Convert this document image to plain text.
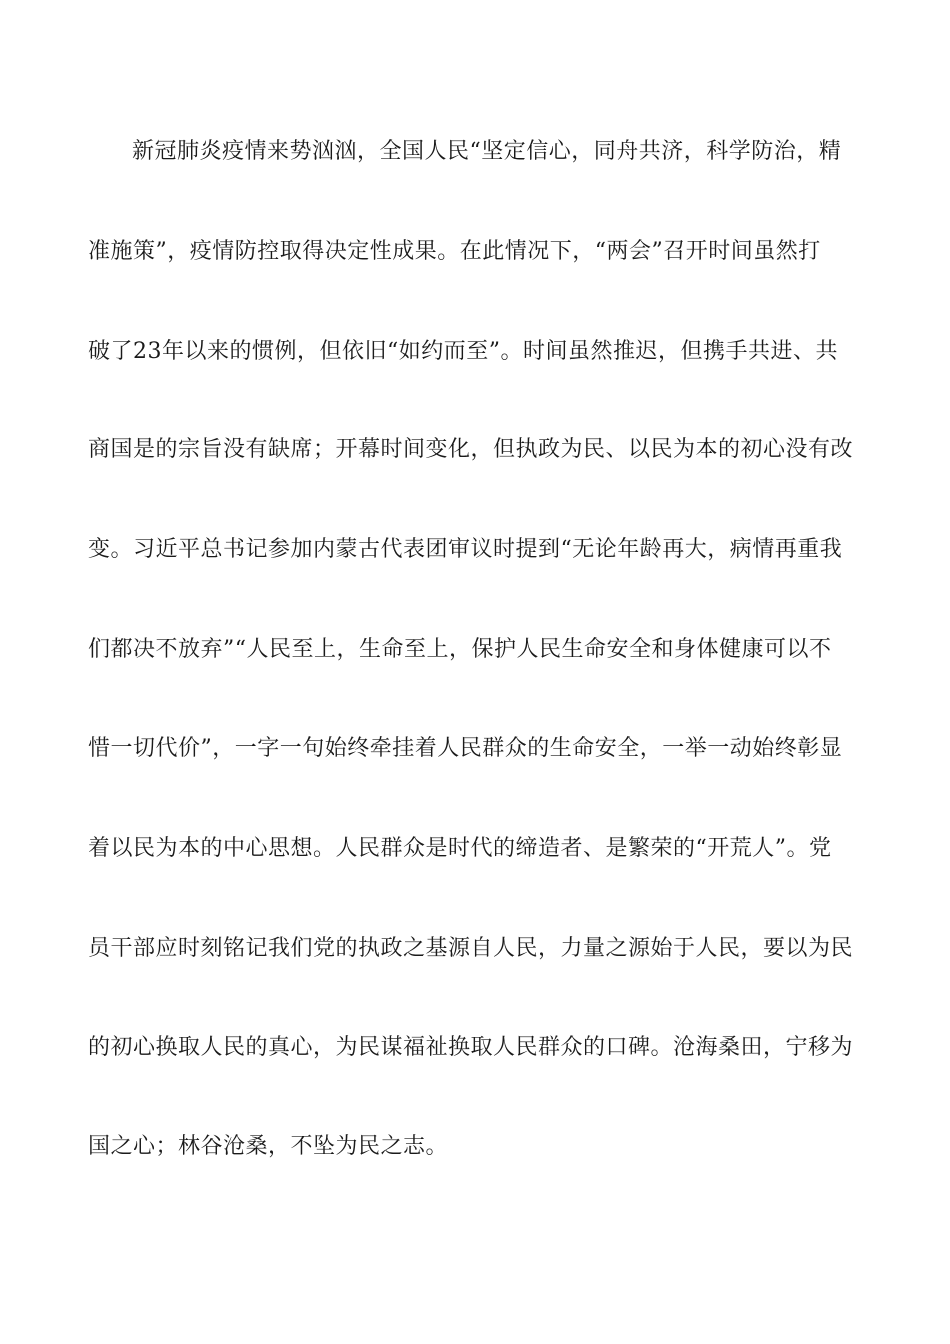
新冠肺炎疫情来势汹汹，全国人民“坚定信心，同舟共济，科学防治，精
准施策”，疫情防控取得决定性成果。在此情况下，“两会”召开时间虽然打
破了23年以来的惯例，但依旧“如约而至”。时间虽然推迟，但携手共进、共
商国是的宗旨没有缺席；开幕时间变化，但执政为民、以民为本的初心没有改
变。习近平总书记参加内蒙古代表团审议时提到“无论年龄再大，病情再重我
们都决不放弃”“人民至上，生命至上，保护人民生命安全和身体健康可以不
惜一切代价”，一字一句始终牵挂着人民群众的生命安全，一举一动始终彰显
着以民为本的中心思想。人民群众是时代的缔造者、是繁荣的“开荒人”。党
员干部应时刻铭记我们党的执政之基源自人民，力量之源始于人民，要以为民
的初心换取人民的真心，为民谋福祉换取人民群众的口碑。沧海桑田，宁移为
国之心；林谷沧桑，不坠为民之志。
